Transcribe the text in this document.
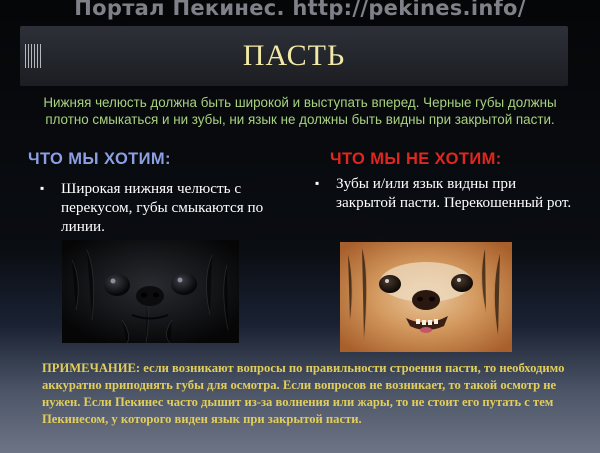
Портал Пекинес. http://pekines.info/
ПАСТЬ
Нижняя челюсть должна быть широкой и выступать вперед. Черные губы должны плотно смыкаться и ни зубы, ни язык не должны быть видны при закрытой пасти.
ЧТО МЫ ХОТИМ:	ЧТО МЫ НЕ ХОТИМ:
▪ Широкая нижняя челюсть с перекусом, губы смыкаются по линии.
▪ Зубы и/или язык видны при закрытой пасти. Перекошенный рот.
ПРИМЕЧАНИЕ: если возникают вопросы по правильности строения пасти, то необходимо аккуратно приподнять губы для осмотра. Если вопросов не возникает, то такой осмотр не нужен. Если Пекинес часто дышит из-за волнения или жары, то не стоит его путать с тем Пекинесом, у которого виден язык при закрытой пасти.
